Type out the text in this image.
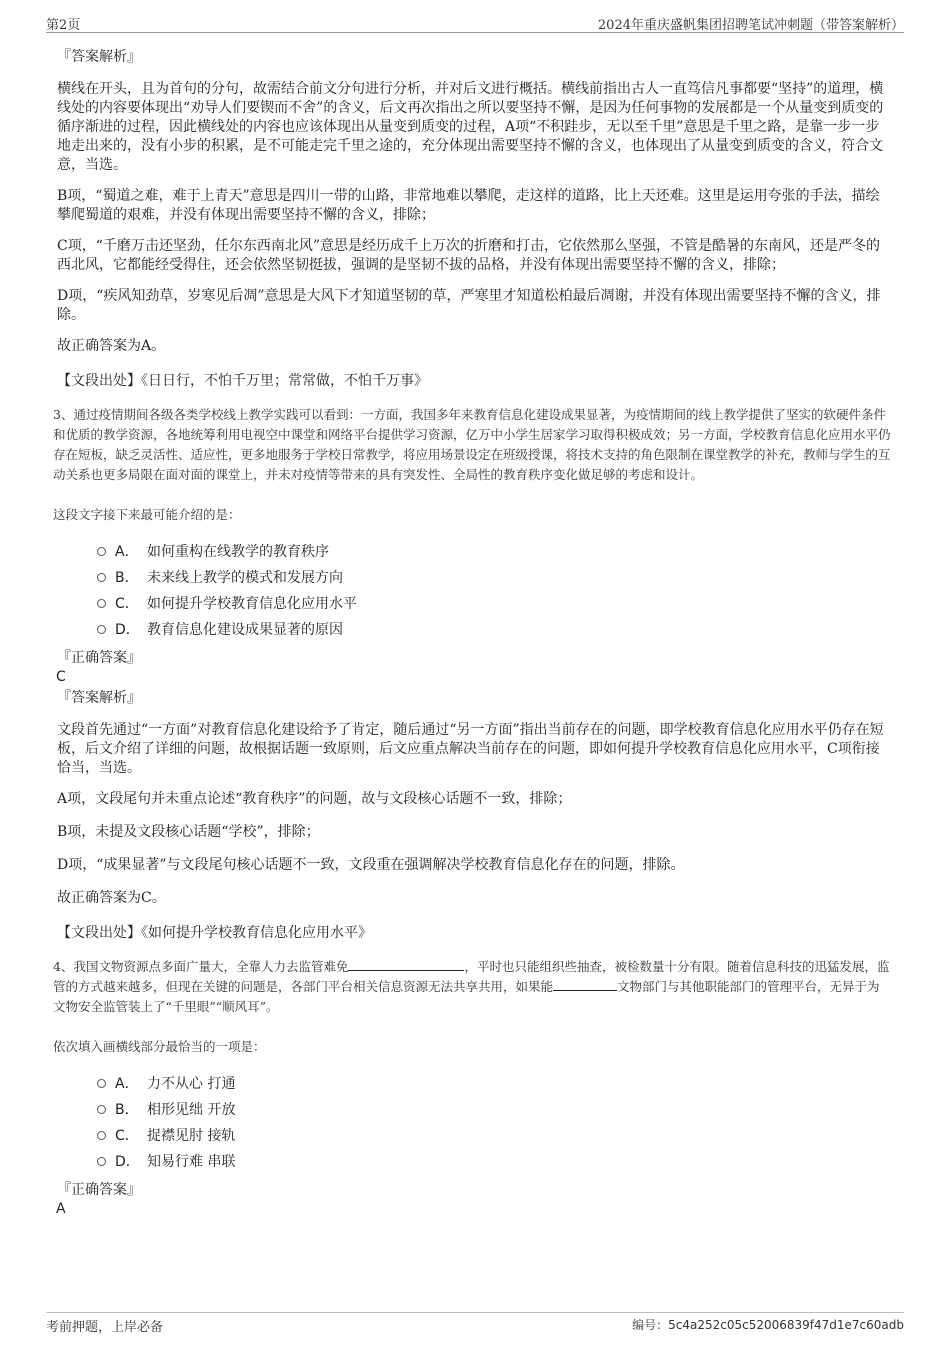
第2页	2024年重庆盛帆集团招聘笔试冲刺题（带答案解析）
『答案解析』

横线在开头，且为首句的分句，故需结合前文分句进行分析，并对后文进行概括。横线前指出古人一直笃信凡事都要“坚持”的道理，横线处的内容要体现出“劝导人们要锲而不舍”的含义，后文再次指出之所以要坚持不懈，是因为任何事物的发展都是一个从量变到质变的循序渐进的过程，因此横线处的内容也应该体现出从量变到质变的过程，A项“不积跬步，无以至千里”意思是千里之路，是靠一步一步地走出来的，没有小步的积累，是不可能走完千里之途的，充分体现出需要坚持不懈的含义，也体现出了从量变到质变的含义，符合文意，当选。

B项，“蜀道之难，难于上青天”意思是四川一带的山路，非常地难以攀爬，走这样的道路，比上天还难。这里是运用夸张的手法，描绘攀爬蜀道的艰难，并没有体现出需要坚持不懈的含义，排除；

C项，“千磨万击还坚劲，任尔东西南北风”意思是经历成千上万次的折磨和打击，它依然那么坚强，不管是酷暑的东南风，还是严冬的西北风，它都能经受得住，还会依然坚韧挺拔，强调的是坚韧不拔的品格，并没有体现出需要坚持不懈的含义，排除；

D项，“疾风知劲草，岁寒见后凋”意思是大风下才知道坚韧的草，严寒里才知道松柏最后凋谢，并没有体现出需要坚持不懈的含义，排除。

故正确答案为A。

【文段出处】《日日行，不怕千万里；常常做，不怕千万事》

3、通过疫情期间各级各类学校线上教学实践可以看到：一方面，我国多年来教育信息化建设成果显著，为疫情期间的线上教学提供了坚实的软硬件条件和优质的教学资源，各地统筹利用电视空中课堂和网络平台提供学习资源，亿万中小学生居家学习取得积极成效；另一方面，学校教育信息化应用水平仍存在短板，缺乏灵活性、适应性，更多地服务于学校日常教学，将应用场景设定在班级授课，将技术支持的角色限制在课堂教学的补充，教师与学生的互动关系也更多局限在面对面的课堂上，并未对疫情等带来的具有突发性、全局性的教育秩序变化做足够的考虑和设计。

这段文字接下来最可能介绍的是：

A． 如何重构在线教学的教育秩序
B． 未来线上教学的模式和发展方向
C． 如何提升学校教育信息化应用水平
D． 教育信息化建设成果显著的原因
『正确答案』
C
『答案解析』

文段首先通过“一方面”对教育信息化建设给予了肯定，随后通过“另一方面”指出当前存在的问题，即学校教育信息化应用水平仍存在短板，后文介绍了详细的问题，故根据话题一致原则，后文应重点解决当前存在的问题，即如何提升学校教育信息化应用水平，C项衔接恰当，当选。

A项，文段尾句并未重点论述“教育秩序”的问题，故与文段核心话题不一致，排除；

B项，未提及文段核心话题“学校”，排除；

D项，“成果显著”与文段尾句核心话题不一致，文段重在强调解决学校教育信息化存在的问题，排除。

故正确答案为C。

【文段出处】《如何提升学校教育信息化应用水平》

4、我国文物资源点多面广量大，全靠人力去监管难免	，平时也只能组织些抽查，被检数量十分有限。随着信息科技的迅猛发展，监管的方式越来越多，但现在关键的问题是，各部门平台相关信息资源无法共享共用，如果能	文物部门与其他职能部门的管理平台，无异于为文物安全监管装上了“千里眼”“顺风耳”。

依次填入画横线部分最恰当的一项是：

A． 力不从心 打通
B． 相形见绌 开放
C． 捉襟见肘 接轨
D． 知易行难 串联
『正确答案』
A
考前押题，上岸必备	编号：5c4a252c05c52006839f47d1e7c60adb
